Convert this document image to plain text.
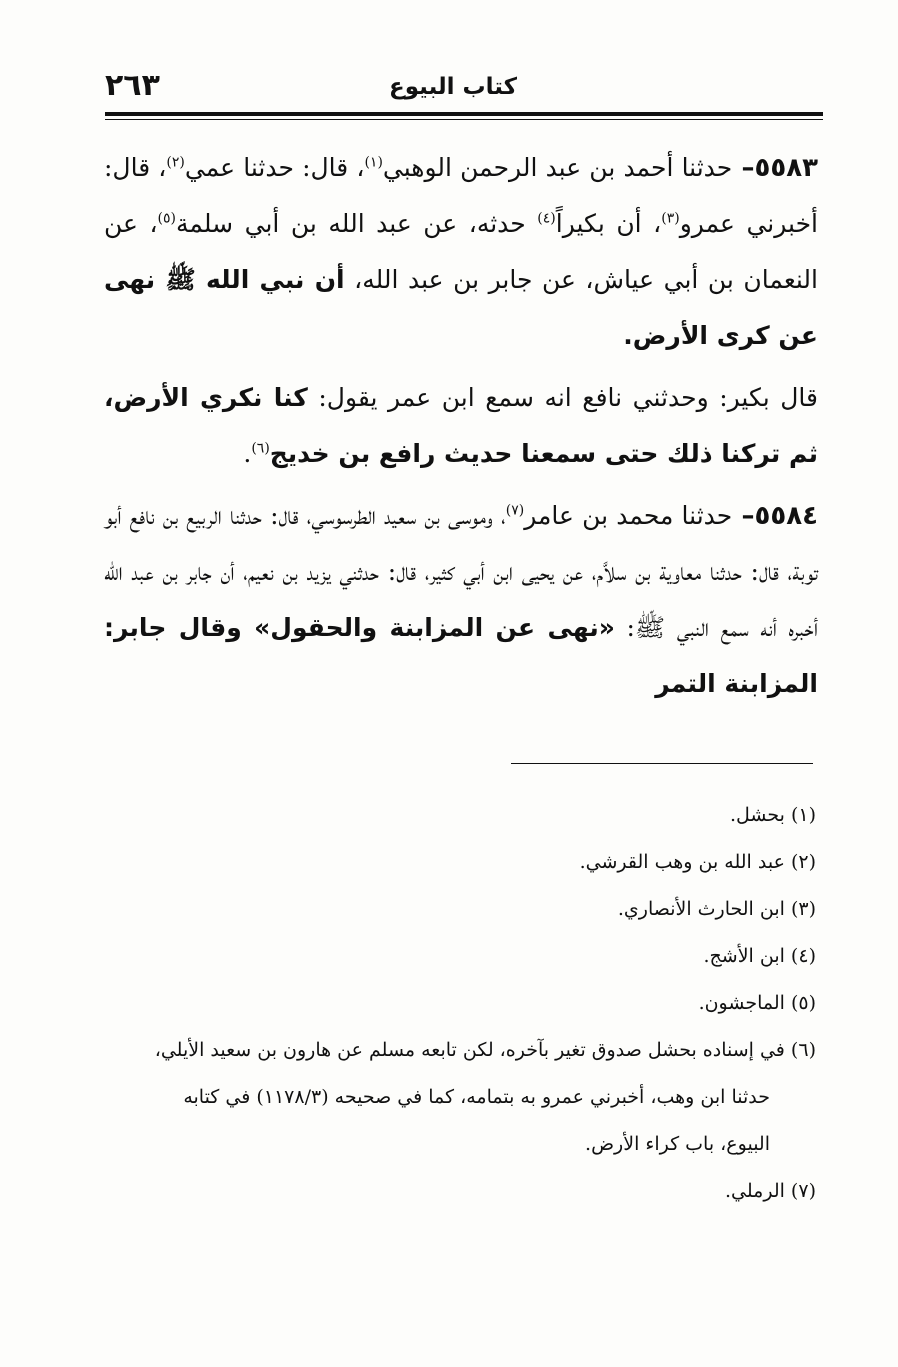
كتاب البيوع
٢٦٣

٥٥٨٣– حدثنا أحمد بن عبد الرحمن الوهبي$^{(١)}$، قال: حدثنا عمي$^{(٢)}$، قال: أخبرني عمرو$^{(٣)}$، أن بكيراً$^{(٤)}$ حدثه، عن عبد الله بن أبي سلمة$^{(٥)}$، عن النعمان بن أبي عياش، عن جابر بن عبد الله، أن نبي الله ﷺ نهى عن كرى الأرض.

قال بكير: وحدثني نافع انه سمع ابن عمر يقول: كنا نكري الأرض، ثم تركنا ذلك حتى سمعنا حديث رافع بن خديج$^{(٦)}$.

٥٥٨٤– حدثنا محمد بن عامر$^{(٧)}$، وموسى بن سعيد الطرسوسي، قال: حدثنا الربيع بن نافع أبو توبة، قال: حدثنا معاوية بن سلاَّم، عن يحيى ابن أبي كثير، قال: حدثني يزيد بن نعيم، أن جابر بن عبد الله أخبره أنه سمع النبي ﷺ: «نهى عن المزابنة والحقول» وقال جابر: المزابنة التمر

(١) بحشل.

(٢) عبد الله بن وهب القرشي.

(٣) ابن الحارث الأنصاري.

(٤) ابن الأشج.

(٥) الماجشون.

(٦) في إسناده بحشل صدوق تغير بآخره، لكن تابعه مسلم عن هارون بن سعيد الأيلي،

حدثنا ابن وهب، أخبرني عمرو به بتمامه، كما في صحيحه (١١٧٨/٣) في كتابه

البيوع، باب كراء الأرض.

(٧) الرملي.
